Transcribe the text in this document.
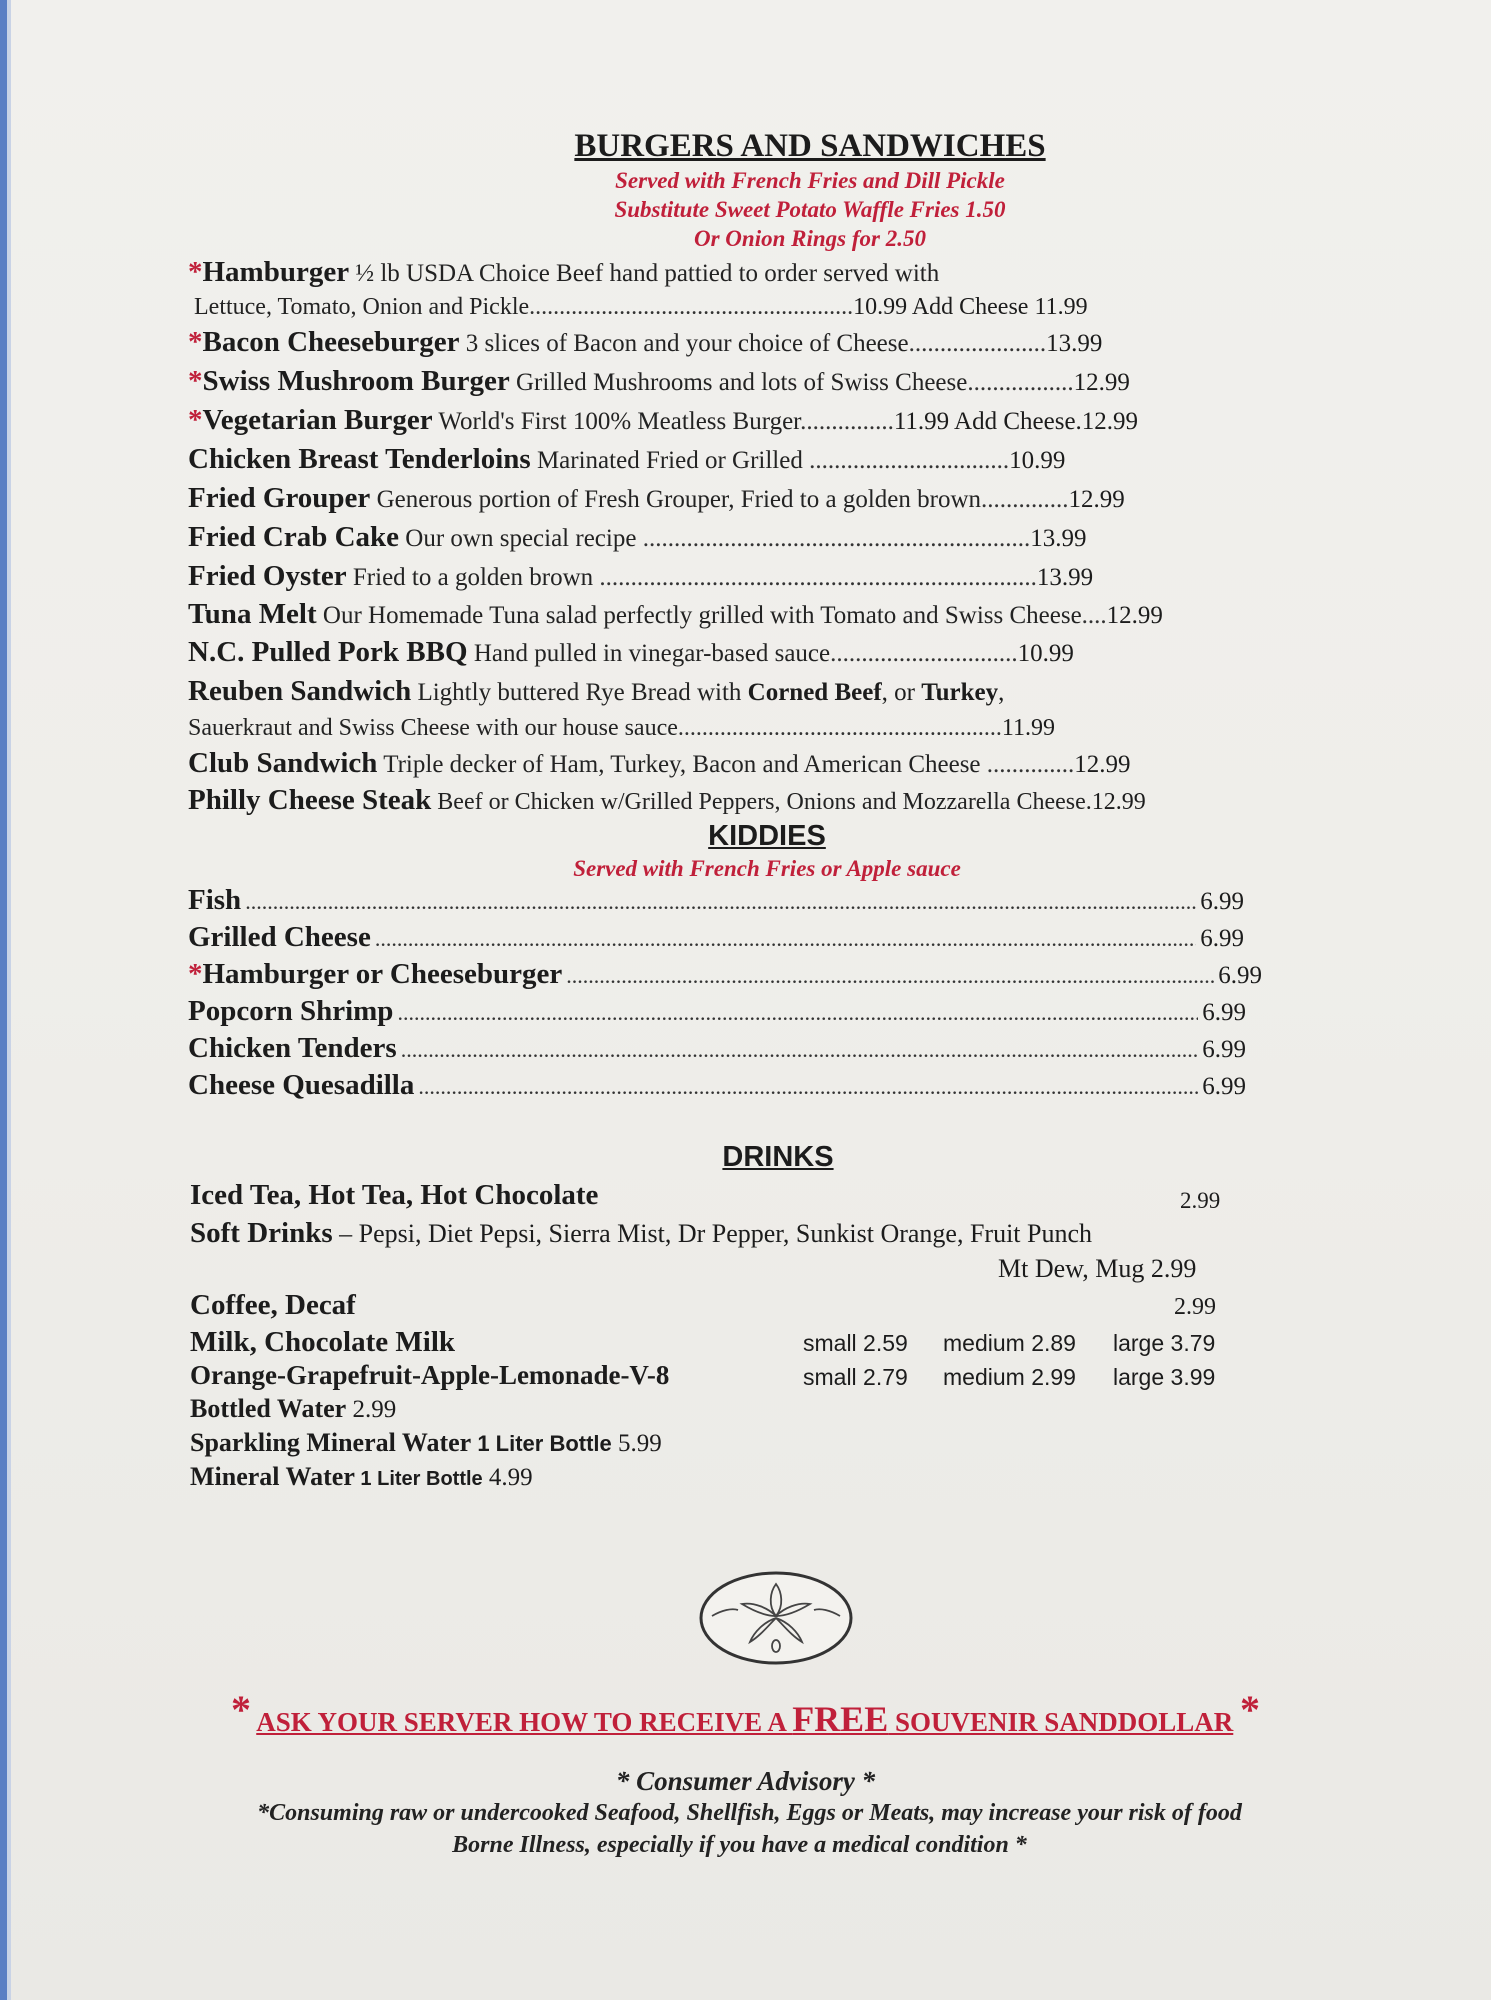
BURGERS AND SANDWICHES
Served with French Fries and Dill Pickle
Substitute Sweet Potato Waffle Fries 1.50
Or Onion Rings for 2.50
*Hamburger ½ lb USDA Choice Beef hand pattied to order served with
Lettuce, Tomato, Onion and Pickle......................................................10.99 Add Cheese 11.99
*Bacon Cheeseburger 3 slices of Bacon and your choice of Cheese......................13.99
*Swiss Mushroom Burger Grilled Mushrooms and lots of Swiss Cheese.................12.99
*Vegetarian Burger World's First 100% Meatless Burger...............11.99 Add Cheese.12.99
Chicken Breast Tenderloins Marinated Fried or Grilled ................................10.99
Fried Grouper Generous portion of Fresh Grouper, Fried to a golden brown..............12.99
Fried Crab Cake Our own special recipe ..............................................................13.99
Fried Oyster Fried to a golden brown ......................................................................13.99
Tuna Melt Our Homemade Tuna salad perfectly grilled with Tomato and Swiss Cheese....12.99
N.C. Pulled Pork BBQ Hand pulled in vinegar-based sauce..............................10.99
Reuben Sandwich Lightly buttered Rye Bread with Corned Beef, or Turkey,
Sauerkraut and Swiss Cheese with our house sauce......................................................11.99
Club Sandwich Triple decker of Ham, Turkey, Bacon and American Cheese ..............12.99
Philly Cheese Steak Beef or Chicken w/Grilled Peppers, Onions and Mozzarella Cheese.12.99
KIDDIES
Served with French Fries or Apple sauce
Fish .....	6.99
Grilled Cheese .....	6.99
* Hamburger or Cheeseburger .....	6.99
Popcorn Shrimp .....	6.99
Chicken Tenders .....	6.99
Cheese Quesadilla .....	6.99
DRINKS
Iced Tea, Hot Tea, Hot Chocolate	2.99
Soft Drinks – Pepsi, Diet Pepsi, Sierra Mist, Dr Pepper, Sunkist Orange, Fruit Punch
Mt Dew, Mug 2.99
Coffee, Decaf	2.99
Milk, Chocolate Milk	small 2.59 medium 2.89 large 3.79
Orange-Grapefruit-Apple-Lemonade-V-8	small 2.79 medium 2.99 large 3.99
Bottled Water 2.99
Sparkling Mineral Water 1 Liter Bottle 5.99
Mineral Water 1 Liter Bottle 4.99
* ASK YOUR SERVER HOW TO RECEIVE A FREE SOUVENIR SANDDOLLAR *
* Consumer Advisory *
*Consuming raw or undercooked Seafood, Shellfish, Eggs or Meats, may increase your risk of food
Borne Illness, especially if you have a medical condition *
